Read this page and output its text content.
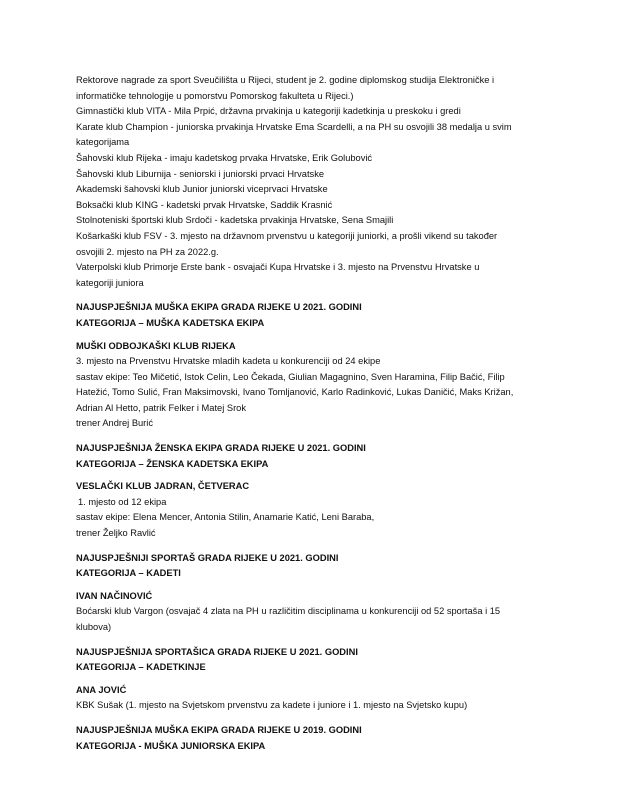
Rektorove nagrade za sport Sveučilišta u Rijeci, student je 2. godine diplomskog studija Elektroničke i
informatičke tehnologije u pomorstvu Pomorskog fakulteta u Rijeci.)
Gimnastički klub VITA - Mila Prpić, državna prvakinja u kategoriji kadetkinja u preskoku i gredi
Karate klub Champion - juniorska prvakinja Hrvatske Ema Scardelli, a na PH su osvojili 38 medalja u svim
kategorijama
Šahovski klub Rijeka - imaju kadetskog prvaka Hrvatske, Erik Golubović
Šahovski klub Liburnija - seniorski i juniorski prvaci Hrvatske
Akademski šahovski klub Junior juniorski viceprvaci Hrvatske
Boksački klub KING - kadetski prvak Hrvatske, Saddik Krasnić
Stolnoteniski športski klub Srdoči - kadetska prvakinja Hrvatske, Sena Smajili
Košarkaški klub FSV - 3. mjesto na državnom prvenstvu u kategoriji juniorki, a prošli vikend su također
osvojili 2. mjesto na PH za 2022.g.
Vaterpolski klub Primorje Erste bank - osvajači Kupa Hrvatske i 3. mjesto na Prvenstvu Hrvatske u
kategoriji juniora
NAJUSPJEŠNIJA MUŠKA EKIPA GRADA RIJEKE U 2021. GODINI
KATEGORIJA – MUŠKA KADETSKA EKIPA
MUŠKI ODBOJKAŠKI KLUB RIJEKA
3. mjesto na Prvenstvu Hrvatske mladih kadeta u konkurenciji od 24 ekipe
sastav ekipe: Teo Mičetić, Istok Celin, Leo Čekada, Giulian Magagnino, Sven Haramina, Filip Bačić, Filip
Hatežić, Tomo Sulić, Fran Maksimovski, Ivano Tomljanović, Karlo Radinković, Lukas Daničić, Maks Križan,
Adrian Al Hetto, patrik Felker i Matej Srok
trener Andrej Burić
NAJUSPJEŠNIJA ŽENSKA EKIPA GRADA RIJEKE U 2021. GODINI
KATEGORIJA – ŽENSKA KADETSKA EKIPA
VESLAČKI KLUB JADRAN, ČETVERAC
1. mjesto od 12 ekipa
sastav ekipe: Elena Mencer, Antonia Stilin, Anamarie Katić, Leni Baraba,
trener Željko Ravlić
NAJUSPJEŠNIJI SPORTAŠ GRADA RIJEKE U 2021. GODINI
KATEGORIJA – KADETI
IVAN NAČINOVIĆ
Boćarski klub Vargon (osvajač 4 zlata na PH u različitim disciplinama u konkurenciji od 52 sportaša i 15
klubova)
NAJUSPJEŠNIJA SPORTAŠICA GRADA RIJEKE U 2021. GODINI
KATEGORIJA – KADETKINJE
ANA JOVIĆ
KBK Sušak (1. mjesto na Svjetskom prvenstvu za kadete i juniore i 1. mjesto na Svjetsko kupu)
NAJUSPJEŠNIJA MUŠKA EKIPA GRADA RIJEKE U 2019. GODINI
KATEGORIJA - MUŠKA JUNIORSKA EKIPA
